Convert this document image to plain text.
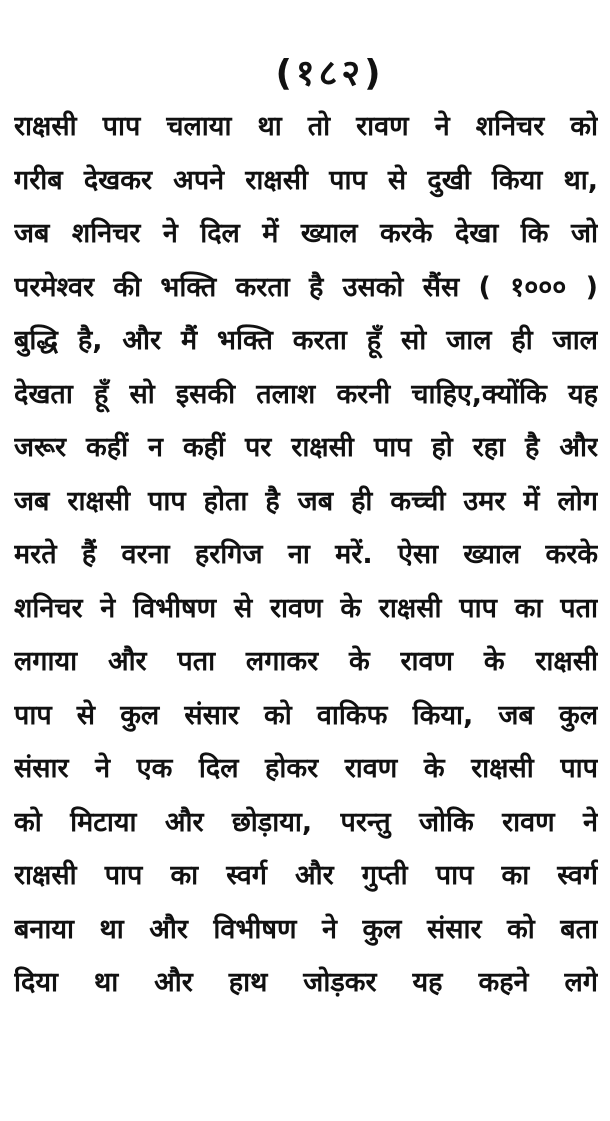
(१८२)
राक्षसी पाप चलाया था तो रावण ने शनिचर को
गरीब देखकर अपने राक्षसी पाप से दुखी किया था,
जब शनिचर ने दिल में ख्याल करके देखा कि जो
परमेश्वर की भक्ति करता है उसको सैंस ( १००० )
बुद्धि है, और मैं भक्ति करता हूँ सो जाल ही जाल
देखता हूँ सो इसकी तलाश करनी चाहिए,क्योंकि यह
जरूर कहीं न कहीं पर राक्षसी पाप हो रहा है और
जब राक्षसी पाप होता है जब ही कच्ची उमर में लोग
मरते हैं वरना हरगिज ना मरें. ऐसा ख्याल करके
शनिचर ने विभीषण से रावण के राक्षसी पाप का पता
लगाया और पता लगाकर के रावण के राक्षसी
पाप से कुल संसार को वाकिफ किया, जब कुल
संसार ने एक दिल होकर रावण के राक्षसी पाप
को मिटाया और छोड़ाया, परन्तु जोकि रावण ने
राक्षसी पाप का स्वर्ग और गुप्ती पाप का स्वर्ग
बनाया था और विभीषण ने कुल संसार को बता
दिया था और हाथ जोड़कर यह कहने लगे
